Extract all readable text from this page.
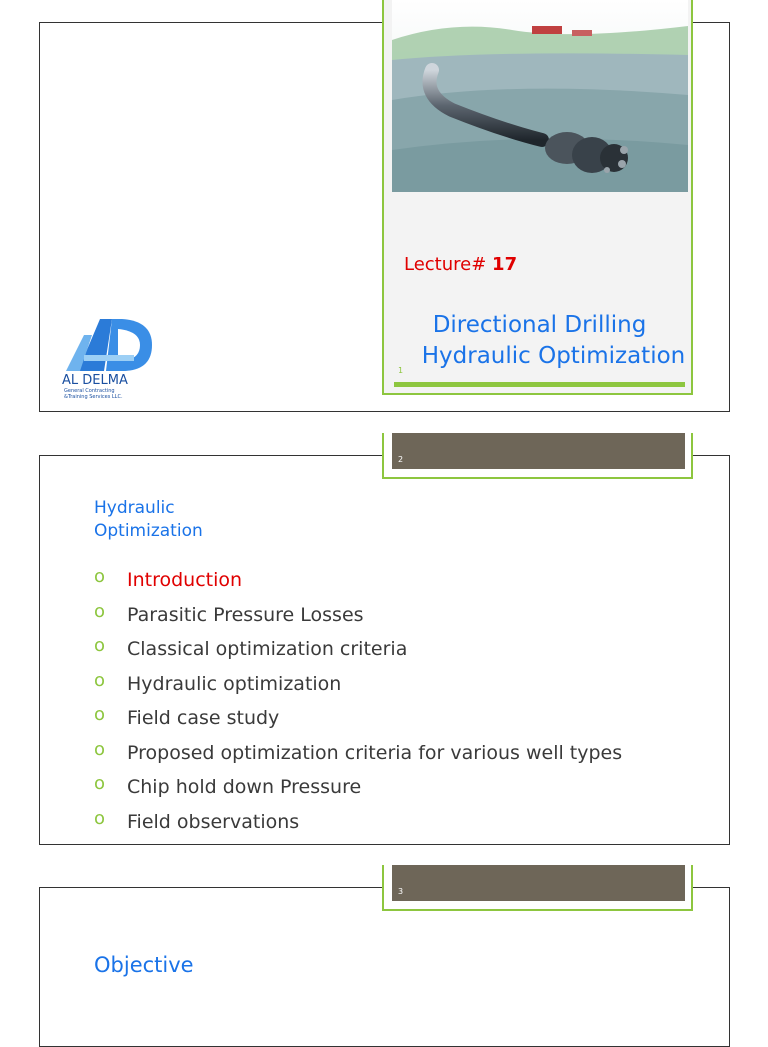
AL DELMA
General Contracting
&Training Services LLC.
Lecture# 17
Directional Drilling
Hydraulic Optimization
1
Hydraulic
Optimization
o Introduction
o Parasitic Pressure Losses
o Classical optimization criteria
o Hydraulic optimization
o Field case study
o Proposed optimization criteria for various well types
o Chip hold down Pressure
o Field observations
2
Objective
3
